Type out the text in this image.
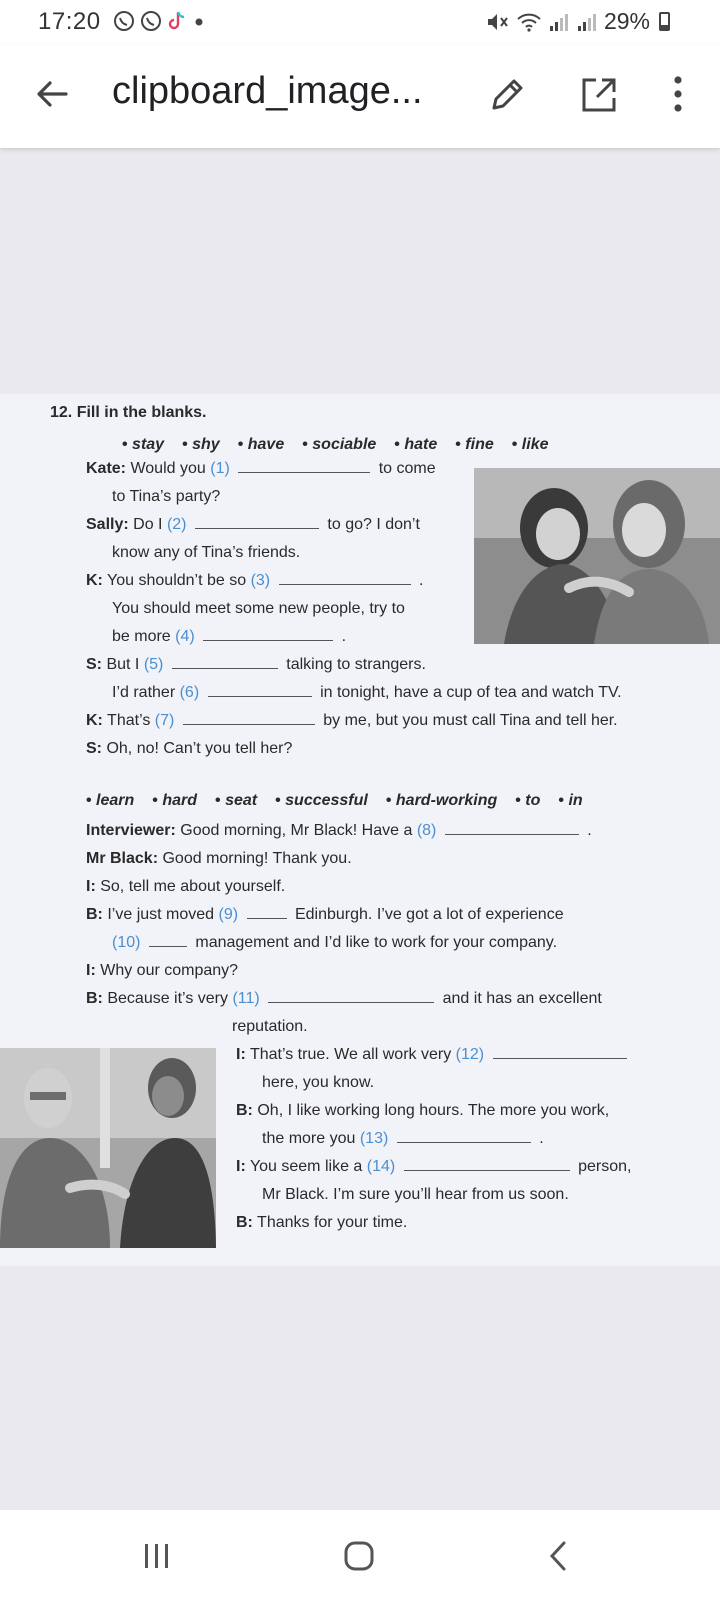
17:20	29%
clipboard_image...
12. Fill in the blanks.
• stay	• shy	• have	• sociable	• hate	• fine	• like
Kate: Would you (1)	to come
to Tina’s party?
Sally: Do I (2)	to go? I don’t
know any of Tina’s friends.
K: You shouldn’t be so (3)	.
You should meet some new people, try to
be more (4)	.
S: But I (5)	talking to strangers.
I’d rather (6)	in tonight, have a cup of tea and watch TV.
K: That’s (7)	by me, but you must call Tina and tell her.
S: Oh, no! Can’t you tell her?
• learn	• hard	• seat	• successful	• hard-working	• to	• in
Interviewer: Good morning, Mr Black! Have a (8)	.
Mr Black: Good morning! Thank you.
I: So, tell me about yourself.
B: I’ve just moved (9)	Edinburgh. I’ve got a lot of experience
(10)	management and I’d like to work for your company.
I: Why our company?
B: Because it’s very (11)	and it has an excellent
reputation.
I: That’s true. We all work very (12)
here, you know.
B: Oh, I like working long hours. The more you work,
the more you (13)	.
I: You seem like a (14)	person,
Mr Black. I’m sure you’ll hear from us soon.
B: Thanks for your time.
